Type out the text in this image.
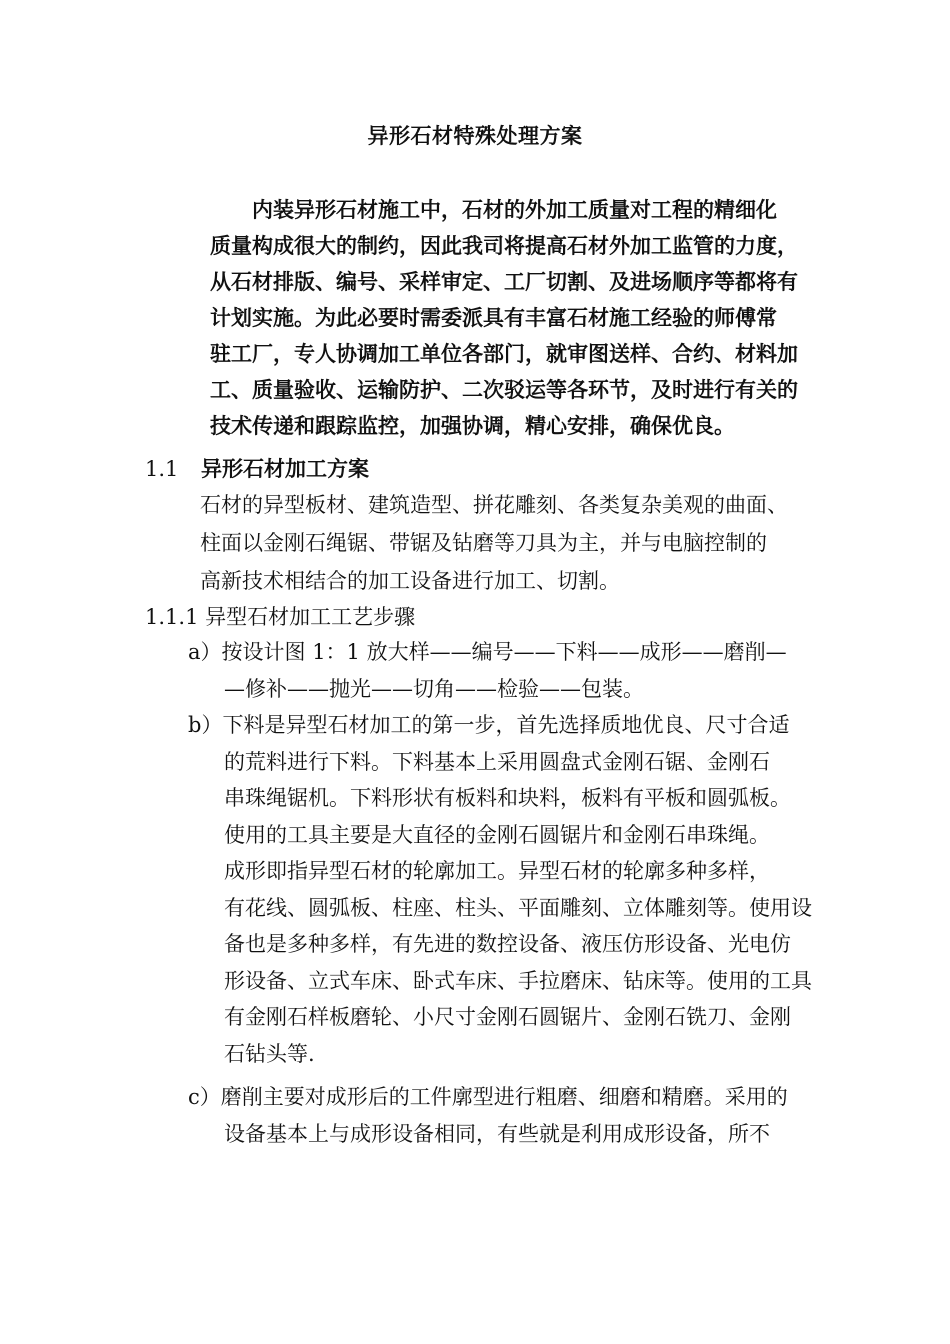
异形石材特殊处理方案
　　内装异形石材施工中，石材的外加工质量对工程的精细化
质量构成很大的制约，因此我司将提高石材外加工监管的力度，
从石材排版、编号、采样审定、工厂切割、及进场顺序等都将有
计划实施。为此必要时需委派具有丰富石材施工经验的师傅常
驻工厂，专人协调加工单位各部门，就审图送样、合约、材料加
工、质量验收、运输防护、二次驳运等各环节，及时进行有关的
技术传递和跟踪监控，加强协调，精心安排，确保优良。
1.1 异形石材加工方案
石材的异型板材、建筑造型、拼花雕刻、各类复杂美观的曲面、
柱面以金刚石绳锯、带锯及钻磨等刀具为主，并与电脑控制的
高新技术相结合的加工设备进行加工、切割。
1.1.1 异型石材加工工艺步骤
a）按设计图 1：1 放大样——编号——下料——成形——磨削—
—修补——抛光——切角——检验——包装。
b）下料是异型石材加工的第一步，首先选择质地优良、尺寸合适
的荒料进行下料。下料基本上采用圆盘式金刚石锯、金刚石
串珠绳锯机。下料形状有板料和块料，板料有平板和圆弧板。
使用的工具主要是大直径的金刚石圆锯片和金刚石串珠绳。
成形即指异型石材的轮廓加工。异型石材的轮廓多种多样，
有花线、圆弧板、柱座、柱头、平面雕刻、立体雕刻等。使用设
备也是多种多样，有先进的数控设备、液压仿形设备、光电仿
形设备、立式车床、卧式车床、手拉磨床、钻床等。使用的工具
有金刚石样板磨轮、小尺寸金刚石圆锯片、金刚石铣刀、金刚
石钻头等.
c）磨削主要对成形后的工件廓型进行粗磨、细磨和精磨。采用的
设备基本上与成形设备相同，有些就是利用成形设备，所不
